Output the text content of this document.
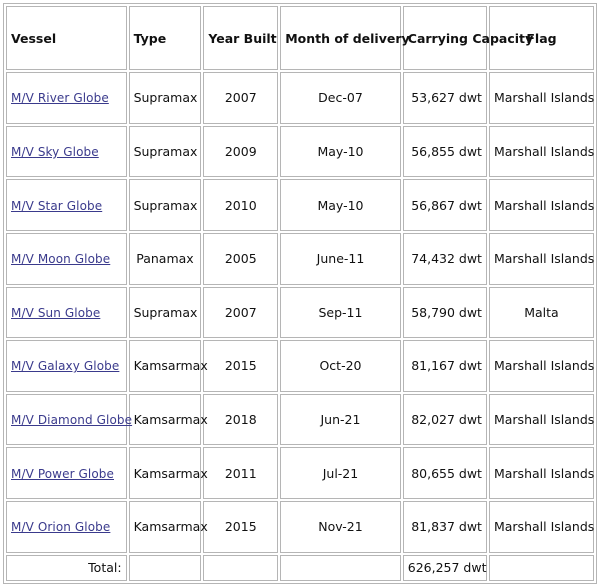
Vessel	Type	Year Built	Month of delivery	Carrying Capacity	Flag
M/V River Globe	Supramax	2007	Dec-07	53,627 dwt	Marshall Islands
M/V Sky Globe	Supramax	2009	May-10	56,855 dwt	Marshall Islands
M/V Star Globe	Supramax	2010	May-10	56,867 dwt	Marshall Islands
M/V Moon Globe	Panamax	2005	June-11	74,432 dwt	Marshall Islands
M/V Sun Globe	Supramax	2007	Sep-11	58,790 dwt	Malta
M/V Galaxy Globe	Kamsarmax	2015	Oct-20	81,167 dwt	Marshall Islands
M/V Diamond Globe	Kamsarmax	2018	Jun-21	82,027 dwt	Marshall Islands
M/V Power Globe	Kamsarmax	2011	Jul-21	80,655 dwt	Marshall Islands
M/V Orion Globe	Kamsarmax	2015	Nov-21	81,837 dwt	Marshall Islands
Total:				626,257 dwt	
